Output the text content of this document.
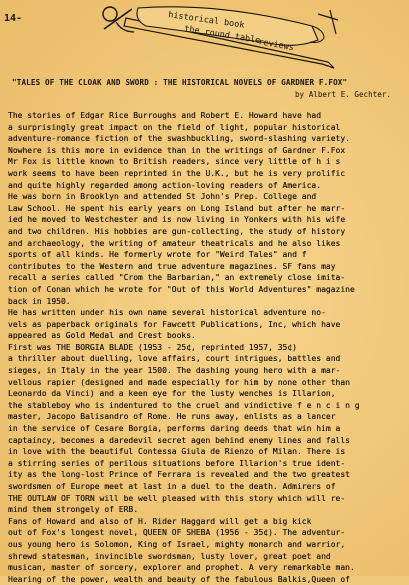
14-	historical book
the round table
reviews
"TALES OF THE CLOAK AND SWORD : THE HISTORICAL NOVELS OF GARDNER F.FOX"
by Albert E. Gechter.
The stories of Edgar Rice Burroughs and Robert E. Howard have had
a surprisingly great impact on the field of light, popular historical
adventure-romance fiction of the swashbuckling, sword-slashing variety.
Nowhere is this more in evidence than in the writings of Gardner F.Fox
Mr Fox is little known to British readers, since very little of h i s
work seems to have been reprinted in the U.K., but he is very prolific
and quite highly regarded among action-loving readers of America.
He was born in Brooklyn and attended St John's Prep. College and
Law School. He spent his early years on Long Island but after he marr-
ied he moved to Westchester and is now living in Yonkers with his wife
and two children. His hobbies are gun-collecting, the study of history
and archaeology, the writing of amateur theatricals and he also likes
sports of all kinds. He formerly wrote for "Weird Tales" and f
contributes to the Western and true adventure magazines. SF fans may
recall a series called "Crom the Barbarian," an extremely close imita-
tion of Conan which he wrote for "Out of this World Adventures" magazine
back in 1950.
He has written under his own name several historical adventure no-
vels as paperback originals for Fawcett Publications, Inc, which have
appeared as Gold Medal and Crest books.
First was THE BORGIA BLADE (1953 - 25¢, reprinted 1957, 35¢)
a thriller about duelling, love affairs, court intrigues, battles and
sieges, in Italy in the year 1500. The dashing young hero with a mar-
vellous rapier (designed and made especially for him by none other than
Leonardo da Vinci) and a keen eye for the lusty wenches is Illarion,
the stableboy who is indentured to the cruel and vindictive f e n c i n g
master, Jacopo Balisandro of Rome. He runs away, enlists as a lancer
in the service of Cesare Borgia, performs daring deeds that win him a
captaincy, becomes a daredevil secret agen behind enemy lines and falls
in love with the beautiful Contessa Giula de Rienzo of Milan. There is
a stirring series of perilous situations before Illarion's true ident-
ity as the long-lost Prince of Ferrara is revealed and the two greatest
swordsmen of Europe meet at last in a duel to the death. Admirers of
THE OUTLAW OF TORN will be well pleased with this story which will re-
mind them strongely of ERB.
Fans of Howard and also of H. Rider Haggard will get a big kick
out of Fox's longest novel, QUEEN OF SHEBA (1956 - 35¢). The adventur-
ous young hero is Solomon, King of Israel, mighty monarch and warrior,
shrewd statesman, invincible swordsman, lusty lover, great poet and
musican, master of sorcery, explorer and prophet. A very remarkable man.
Hearing of the power, wealth and beauty of the fabulous Balkis,Queen of
